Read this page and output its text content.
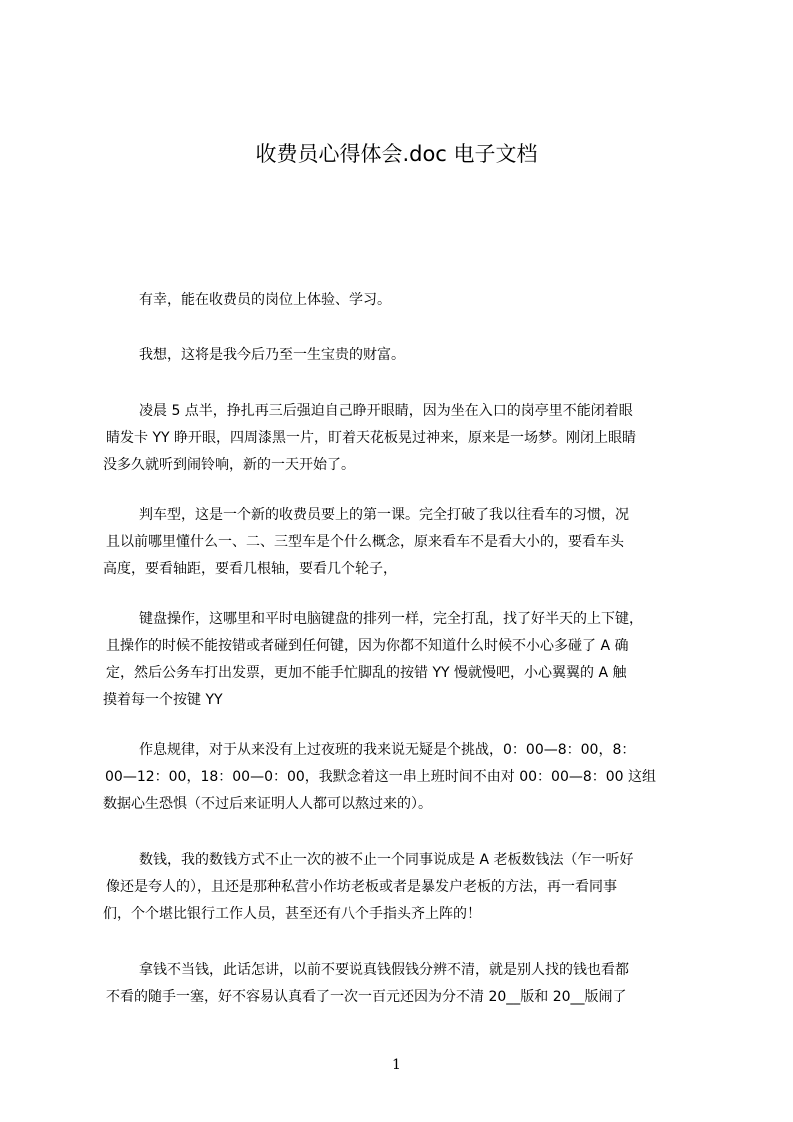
收费员心得体会.doc 电子文档
有幸，能在收费员的岗位上体验、学习。
我想，这将是我今后乃至一生宝贵的财富。
凌晨 5 点半，挣扎再三后强迫自己睁开眼睛，因为坐在入口的岗亭里不能闭着眼
睛发卡 YY 睁开眼，四周漆黑一片，盯着天花板晃过神来，原来是一场梦。刚闭上眼睛
没多久就听到闹铃响，新的一天开始了。
判车型，这是一个新的收费员要上的第一课。完全打破了我以往看车的习惯，况
且以前哪里懂什么一、二、三型车是个什么概念，原来看车不是看大小的，要看车头
高度，要看轴距，要看几根轴，要看几个轮子，
键盘操作，这哪里和平时电脑键盘的排列一样，完全打乱，找了好半天的上下键，
且操作的时候不能按错或者碰到任何键，因为你都不知道什么时候不小心多碰了 A 确
定，然后公务车打出发票，更加不能手忙脚乱的按错 YY 慢就慢吧，小心翼翼的 A 触
摸着每一个按键 YY
作息规律，对于从来没有上过夜班的我来说无疑是个挑战，0：00—8：00，8：
00—12：00，18：00—0：00，我默念着这一串上班时间不由对 00：00—8：00 这组
数据心生恐惧（不过后来证明人人都可以熬过来的）。
数钱，我的数钱方式不止一次的被不止一个同事说成是 A 老板数钱法（乍一听好
像还是夸人的），且还是那种私营小作坊老板或者是暴发户老板的方法，再一看同事
们，个个堪比银行工作人员，甚至还有八个手指头齐上阵的！
拿钱不当钱，此话怎讲，以前不要说真钱假钱分辨不清，就是别人找的钱也看都
不看的随手一塞，好不容易认真看了一次一百元还因为分不清 20__版和 20__版闹了
1
